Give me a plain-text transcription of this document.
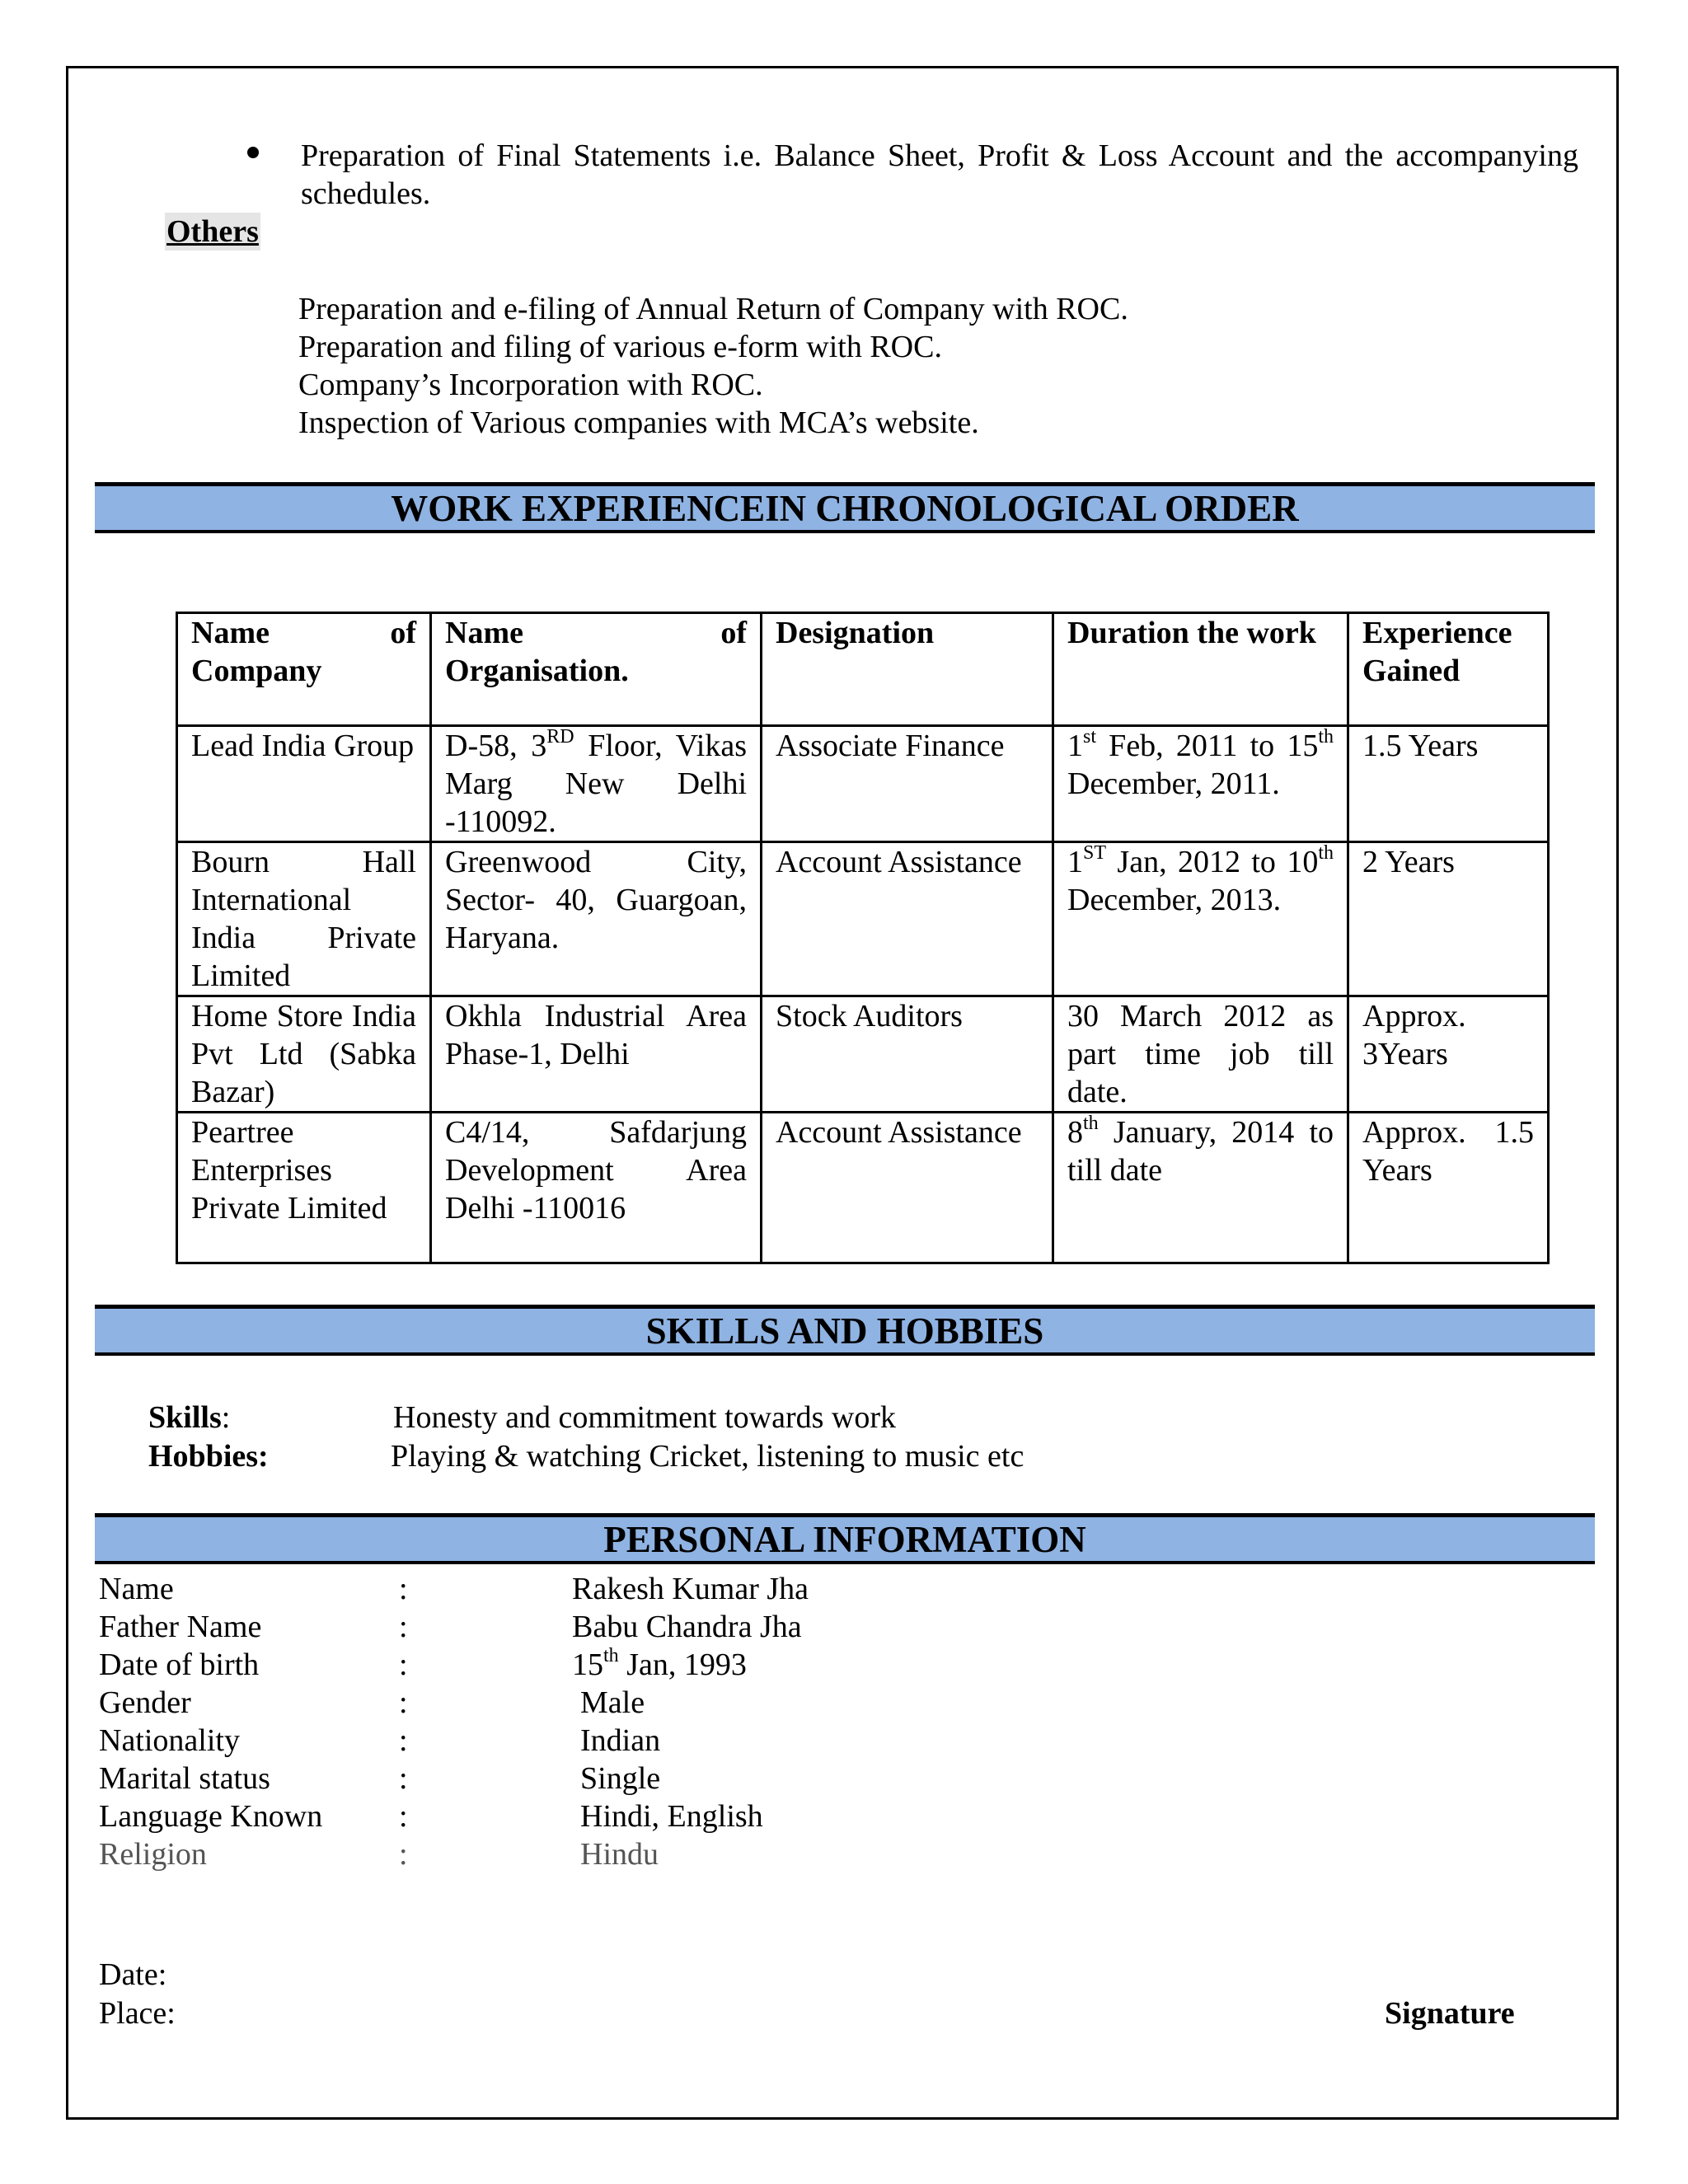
Preparation of Final Statements i.e. Balance Sheet, Profit & Loss Account and the accompanying schedules.
Others
Preparation and e-filing of Annual Return of Company with ROC.
Preparation and filing of various e-form with ROC.
Company’s Incorporation with ROC.
Inspection of Various companies with MCA’s website.
WORK EXPERIENCEIN CHRONOLOGICAL ORDER
Name of Company	Name of Organisation.	Designation	Duration the work	Experience Gained
Lead India Group	D-58, 3RD Floor, Vikas Marg New Delhi -110092.	Associate Finance	1st Feb, 2011 to 15th December, 2011.	1.5 Years
Bourn Hall International India Private Limited	Greenwood City, Sector- 40, Guargoan, Haryana.	Account Assistance	1ST Jan, 2012 to 10th December, 2013.	2 Years
Home Store India Pvt Ltd (Sabka Bazar)	Okhla Industrial Area Phase-1, Delhi	Stock Auditors	30 March 2012 as part time job till date.	Approx. 3Years
Peartree Enterprises Private Limited	C4/14, Safdarjung Development Area Delhi -110016	Account Assistance	8th January, 2014 to till date	Approx. 1.5 Years
SKILLS AND HOBBIES
Skills:	Honesty and commitment towards work
Hobbies:	Playing & watching Cricket, listening to music etc
PERSONAL INFORMATION
Name	:	Rakesh Kumar Jha
Father Name	:	Babu Chandra Jha
Date of birth	:	15th Jan, 1993
Gender	:	Male
Nationality	:	Indian
Marital status	:	Single
Language Known :	Hindi, English
Religion	:	Hindu
Date:
Place:	Signature
